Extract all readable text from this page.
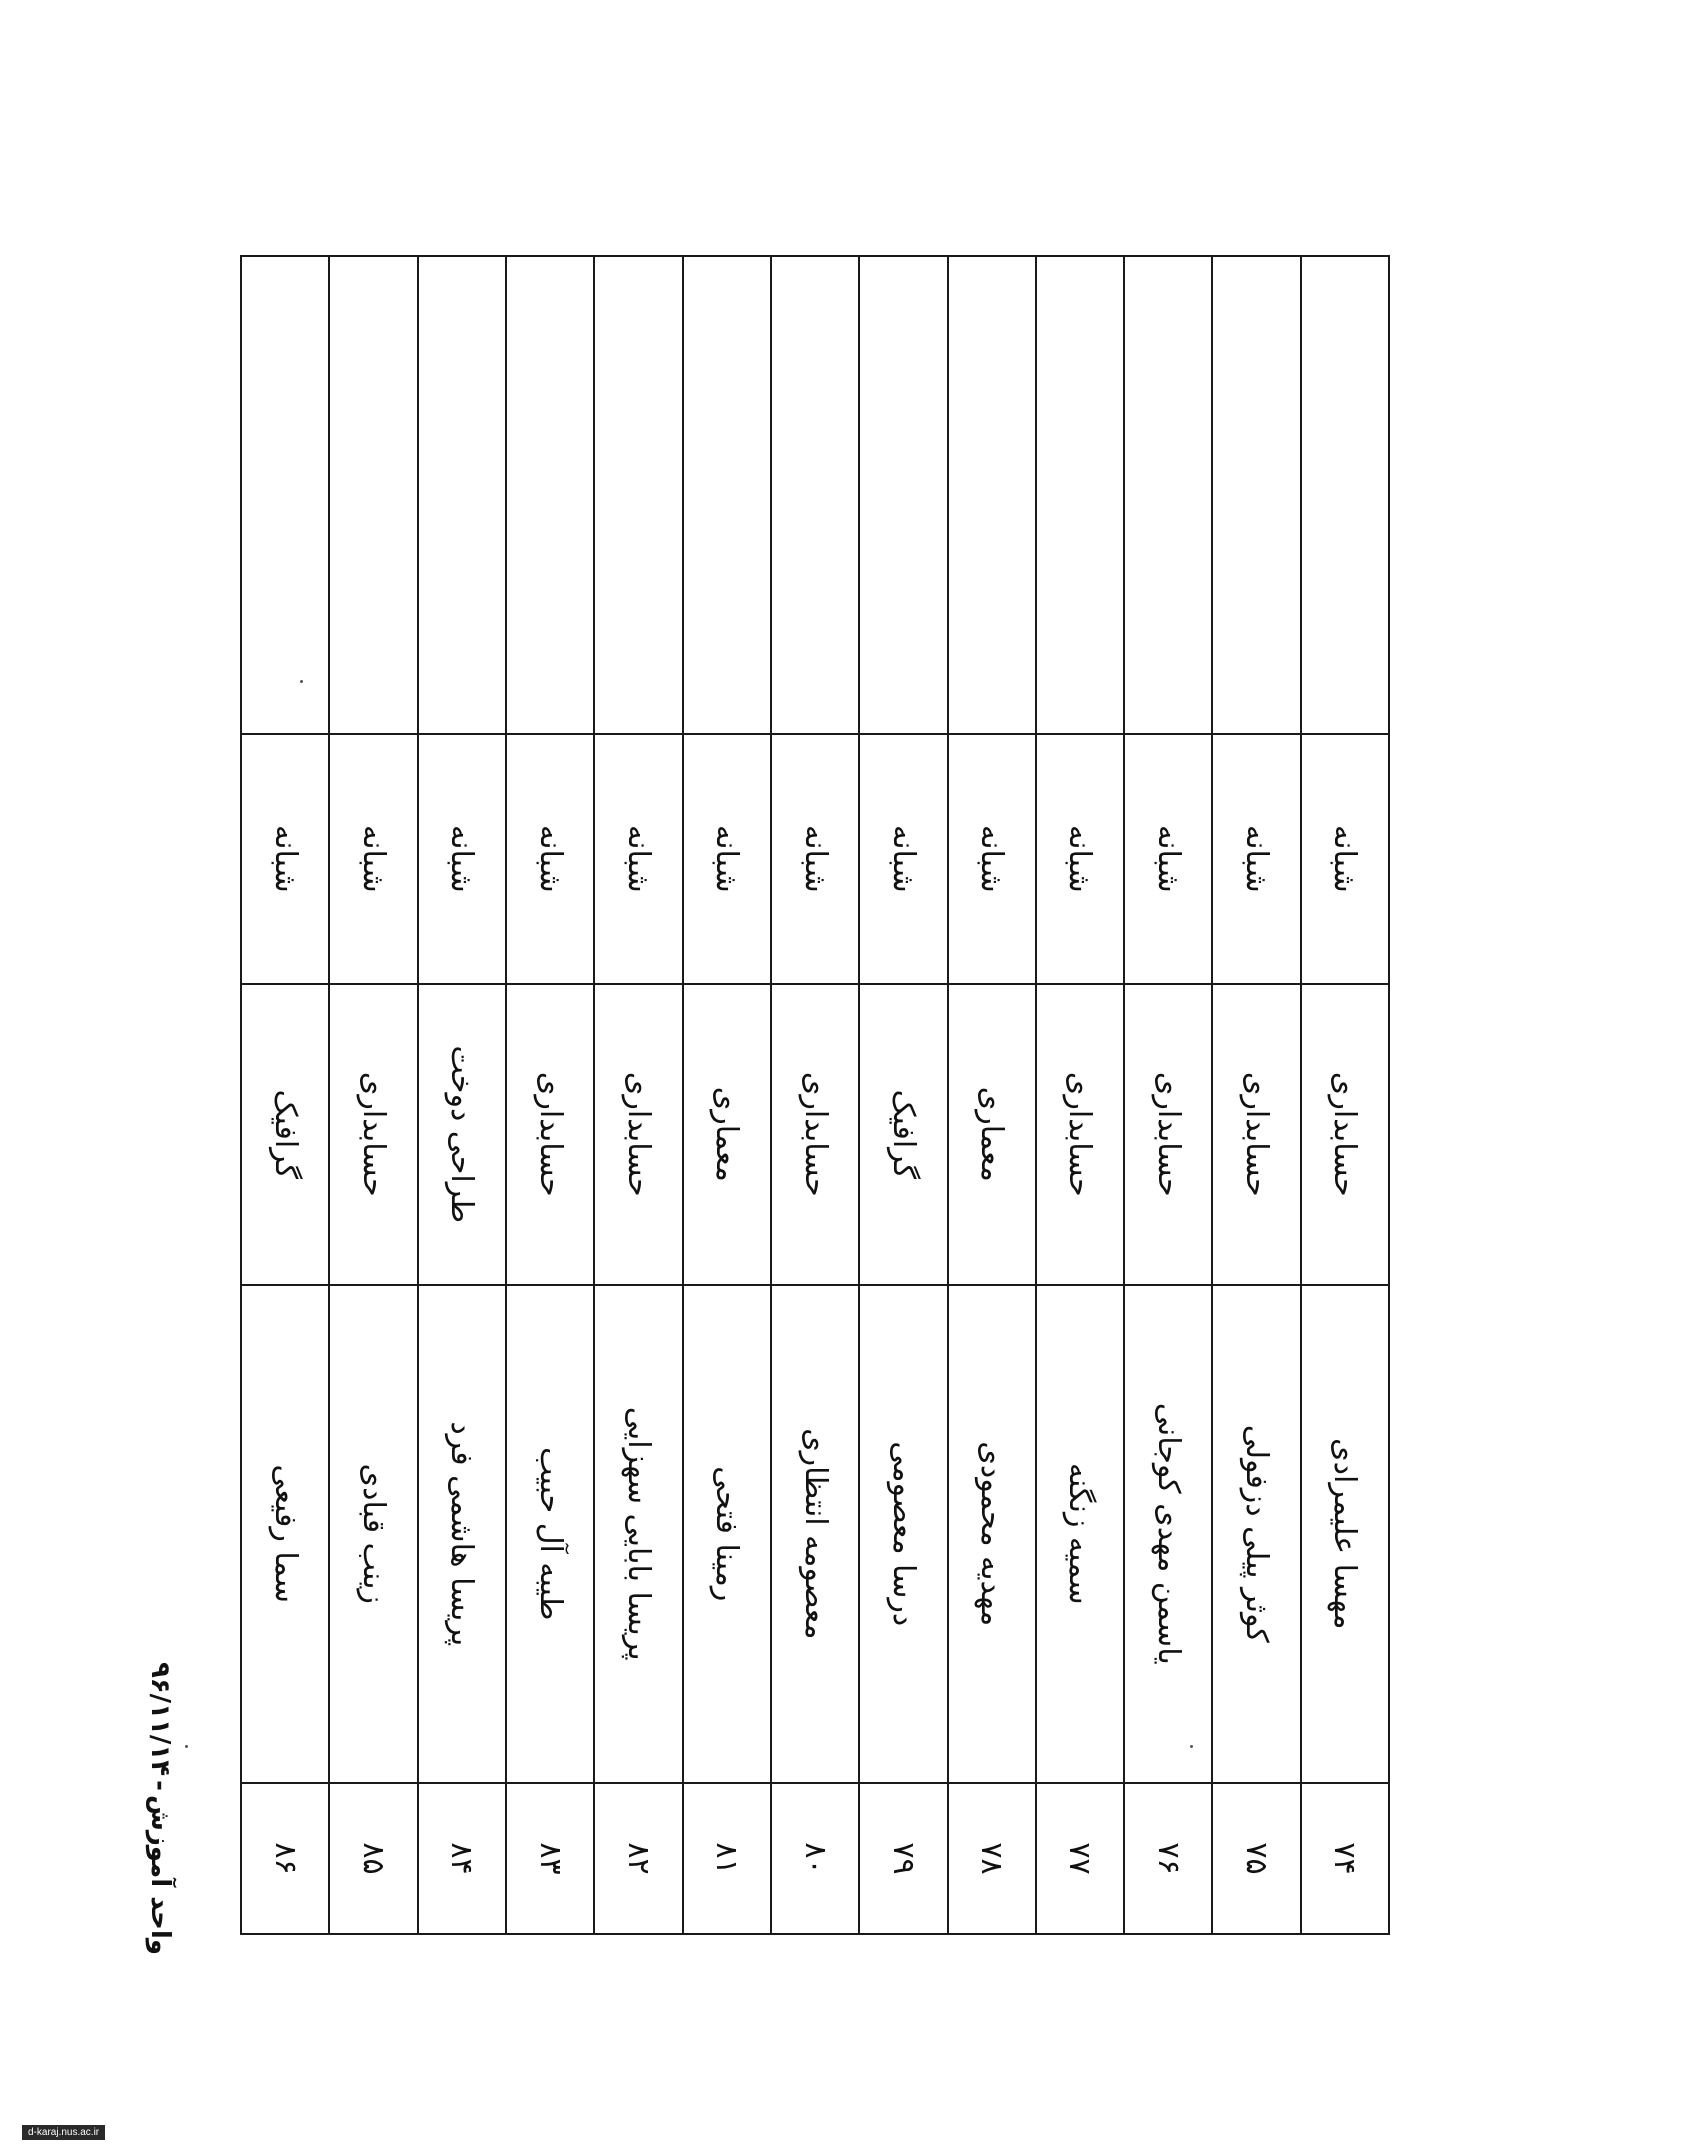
۷۴	مهسا علیمرادی	حسابداری	شبانه	
۷۵	کوثر پیلی دزفولی	حسابداری	شبانه	
۷۶	یاسمن مهدی کوجانی	حسابداری	شبانه	
۷۷	سمیه زنگنه	حسابداری	شبانه	
۷۸	مهدیه محمودی	معماری	شبانه	
۷۹	درسا معصومی	گرافیک	شبانه	
۸۰	معصومه انتظاری	حسابداری	شبانه	
۸۱	رمینا فتحی	معماری	شبانه	
۸۲	پریسا بابایی سهزایی	حسابداری	شبانه	
۸۳	طیبه آل حبیب	حسابداری	شبانه	
۸۴	پریسا هاشمی فرد	طراحی دوخت	شبانه	
۸۵	زینب قبادی	حسابداری	شبانه	
۸۶	سما رفیعی	گرافیک	شبانه	
واحد آموزش-۹۶/۱۱/۱۴
d-karaj.nus.ac.ir
